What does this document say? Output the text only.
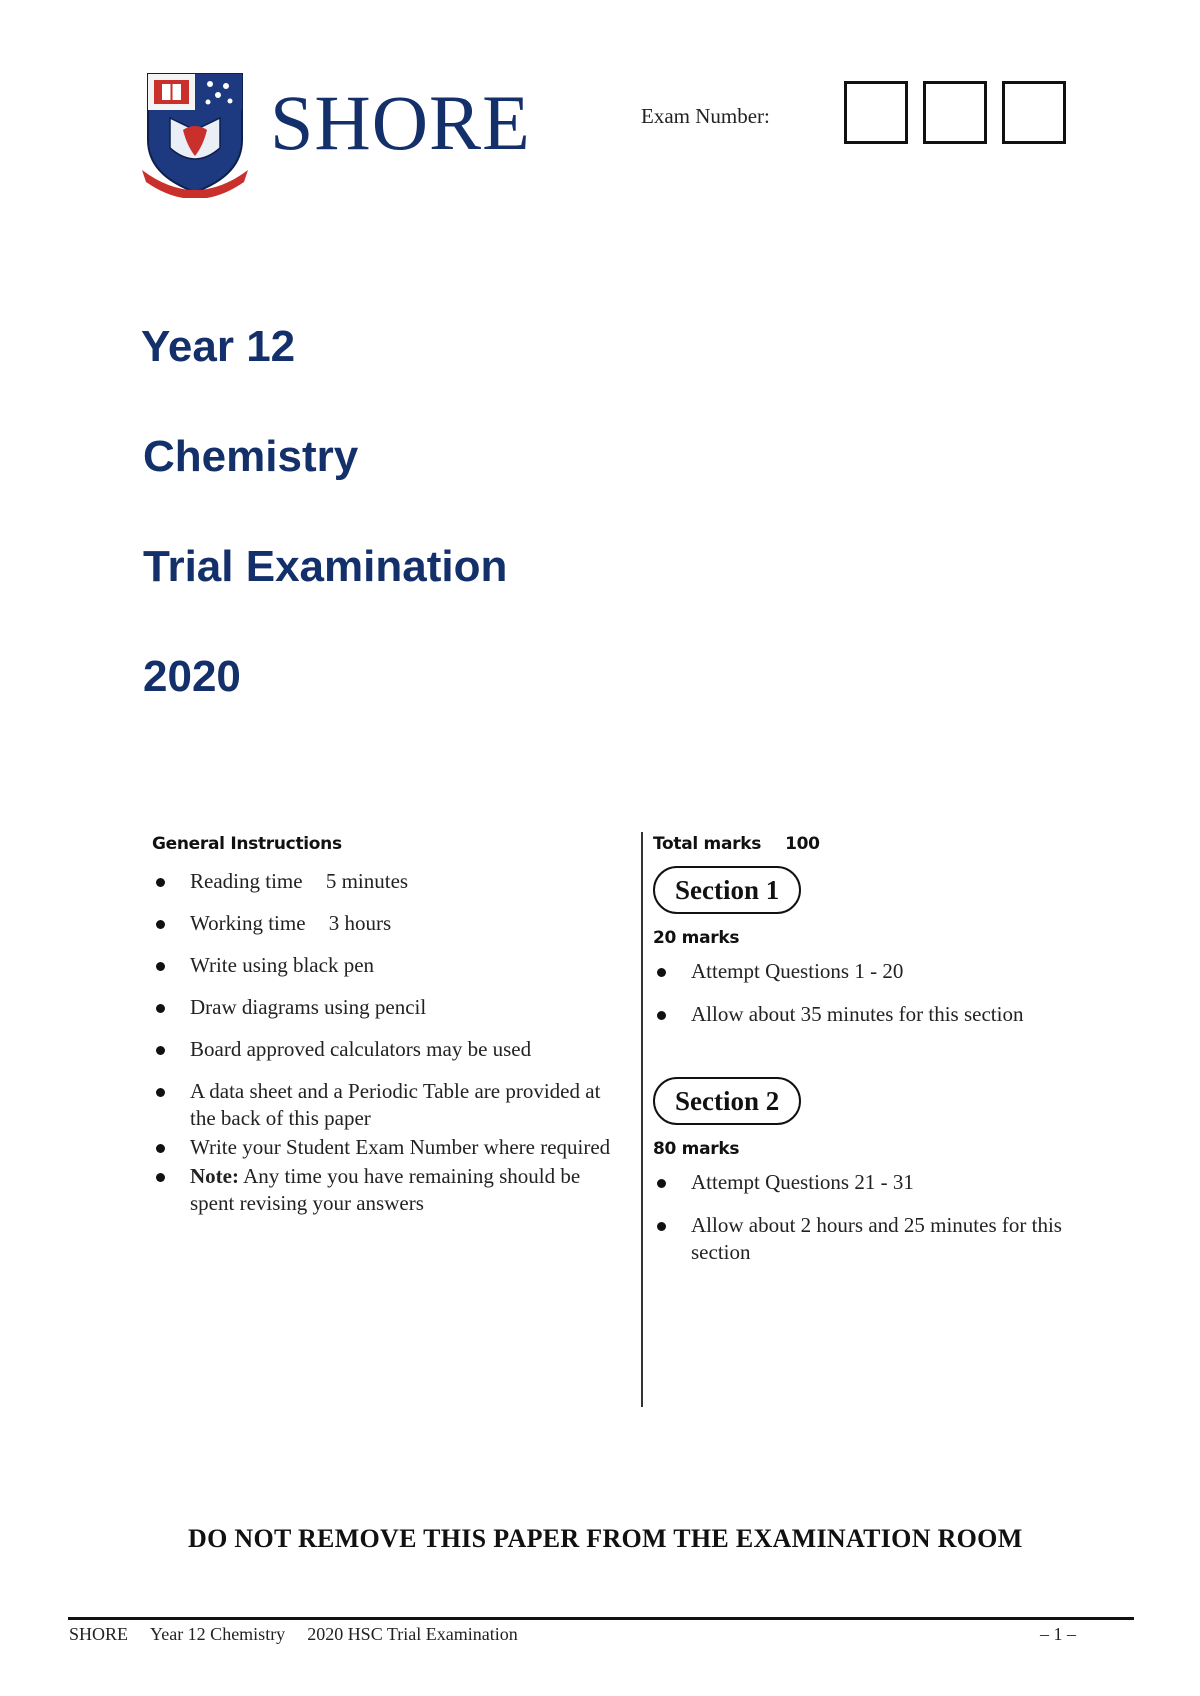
SHORE	Exam Number:
Year 12
Chemistry
Trial Examination
2020
General Instructions
Reading time 5 minutes
Working time 3 hours
Write using black pen
Draw diagrams using pencil
Board approved calculators may be used
A data sheet and a Periodic Table are provided at the back of this paper
Write your Student Exam Number where required
Note: Any time you have remaining should be spent revising your answers
Total marks 100
Section 1
20 marks
Attempt Questions 1 - 20
Allow about 35 minutes for this section
Section 2
80 marks
Attempt Questions 21 - 31
Allow about 2 hours and 25 minutes for this section
DO NOT REMOVE THIS PAPER FROM THE EXAMINATION ROOM
SHORE Year 12 Chemistry 2020 HSC Trial Examination	– 1 –
